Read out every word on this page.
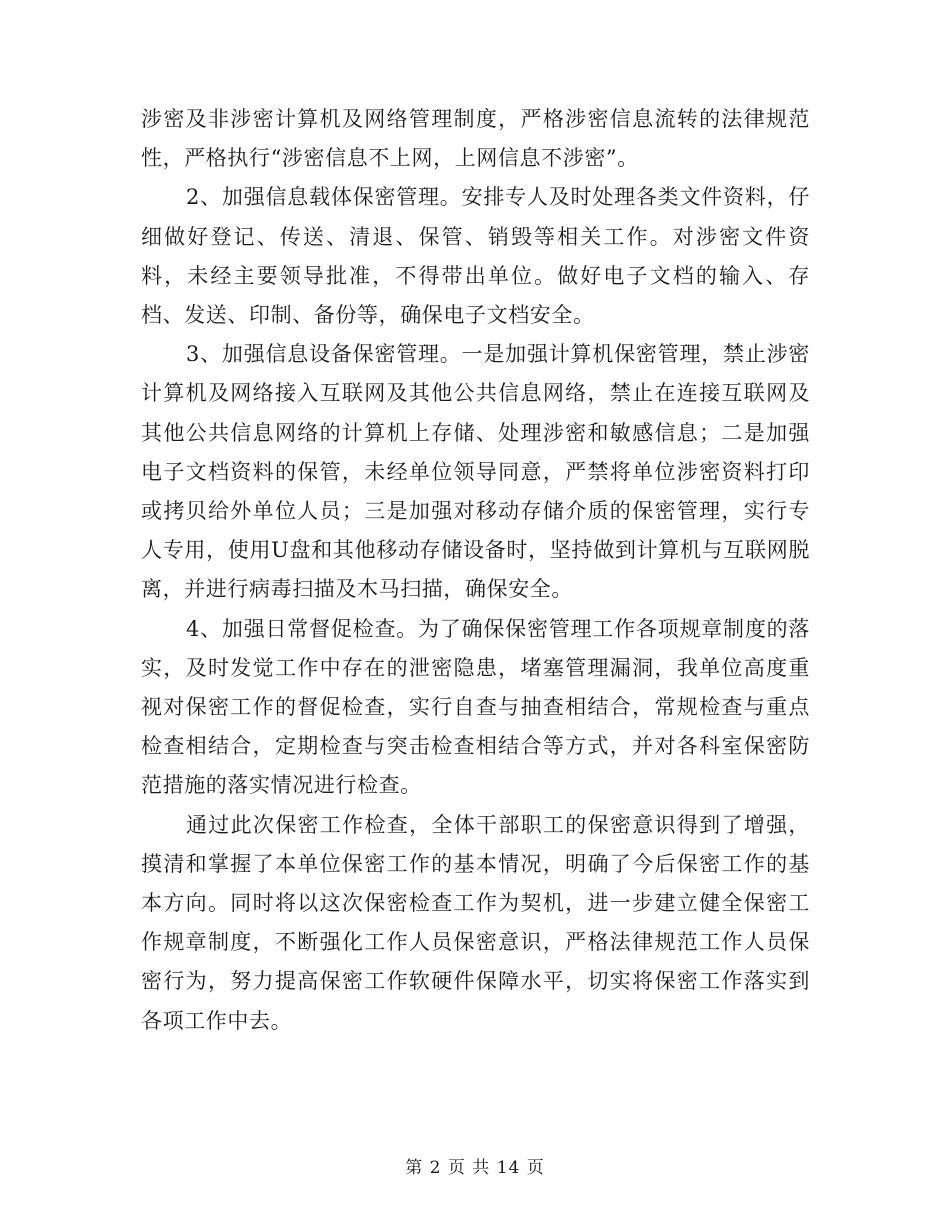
涉密及非涉密计算机及网络管理制度，严格涉密信息流转的法律规范性，严格执行“涉密信息不上网，上网信息不涉密”。

2、加强信息载体保密管理。安排专人及时处理各类文件资料，仔细做好登记、传送、清退、保管、销毁等相关工作。对涉密文件资料，未经主要领导批准，不得带出单位。做好电子文档的输入、存档、发送、印制、备份等，确保电子文档安全。

3、加强信息设备保密管理。一是加强计算机保密管理，禁止涉密计算机及网络接入互联网及其他公共信息网络，禁止在连接互联网及其他公共信息网络的计算机上存储、处理涉密和敏感信息；二是加强电子文档资料的保管，未经单位领导同意，严禁将单位涉密资料打印或拷贝给外单位人员；三是加强对移动存储介质的保密管理，实行专人专用，使用U盘和其他移动存储设备时，坚持做到计算机与互联网脱离，并进行病毒扫描及木马扫描，确保安全。

4、加强日常督促检查。为了确保保密管理工作各项规章制度的落实，及时发觉工作中存在的泄密隐患，堵塞管理漏洞，我单位高度重视对保密工作的督促检查，实行自查与抽查相结合，常规检查与重点检查相结合，定期检查与突击检查相结合等方式，并对各科室保密防范措施的落实情况进行检查。

通过此次保密工作检查，全体干部职工的保密意识得到了增强，摸清和掌握了本单位保密工作的基本情况，明确了今后保密工作的基本方向。同时将以这次保密检查工作为契机，进一步建立健全保密工作规章制度，不断强化工作人员保密意识，严格法律规范工作人员保密行为，努力提高保密工作软硬件保障水平，切实将保密工作落实到各项工作中去。

第 2 页 共 14 页
